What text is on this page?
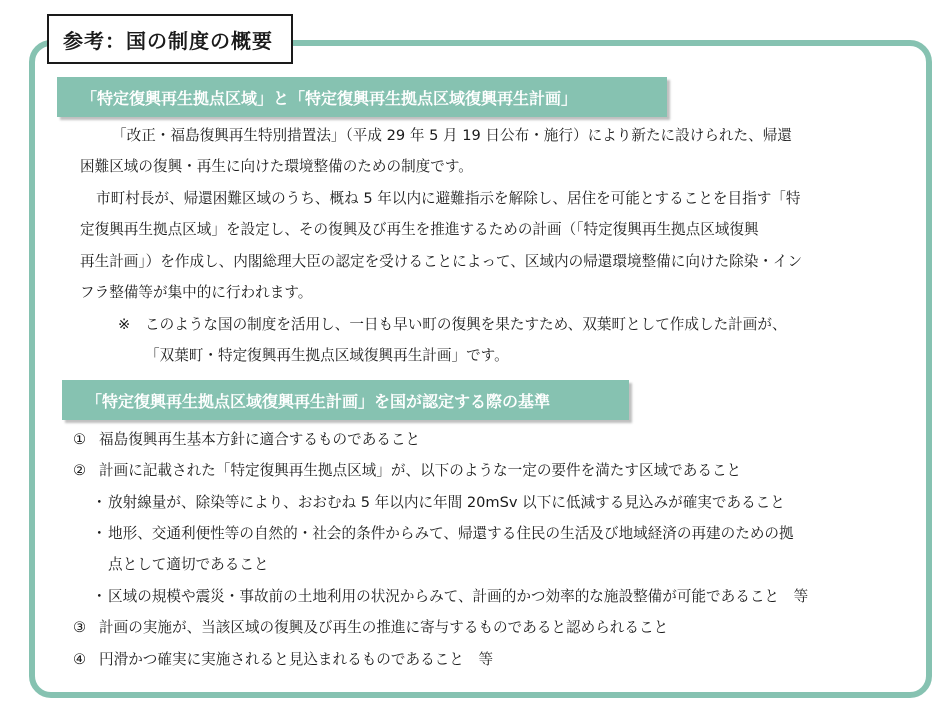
参考：国の制度の概要
「特定復興再生拠点区域」と「特定復興再生拠点区域復興再生計画」
「改正・福島復興再生特別措置法」（平成 29 年 5 月 19 日公布・施行）により新たに設けられた、帰還
困難区域の復興・再生に向けた環境整備のための制度です。
市町村長が、帰還困難区域のうち、概ね 5 年以内に避難指示を解除し、居住を可能とすることを目指す「特
定復興再生拠点区域」を設定し、その復興及び再生を推進するための計画（「特定復興再生拠点区域復興
再生計画」）を作成し、内閣総理大臣の認定を受けることによって、区域内の帰還環境整備に向けた除染・イン
フラ整備等が集中的に行われます。
※ このような国の制度を活用し、一日も早い町の復興を果たすため、双葉町として作成した計画が、
「双葉町・特定復興再生拠点区域復興再生計画」です。
「特定復興再生拠点区域復興再生計画」を国が認定する際の基準
① 福島復興再生基本方針に適合するものであること
② 計画に記載された「特定復興再生拠点区域」が、以下のような一定の要件を満たす区域であること
・放射線量が、除染等により、おおむね 5 年以内に年間 20mSv 以下に低減する見込みが確実であること
・地形、交通利便性等の自然的・社会的条件からみて、帰還する住民の生活及び地域経済の再建のための拠
点として適切であること
・区域の規模や震災・事故前の土地利用の状況からみて、計画的かつ効率的な施設整備が可能であること　等
③ 計画の実施が、当該区域の復興及び再生の推進に寄与するものであると認められること
④ 円滑かつ確実に実施されると見込まれるものであること　等
